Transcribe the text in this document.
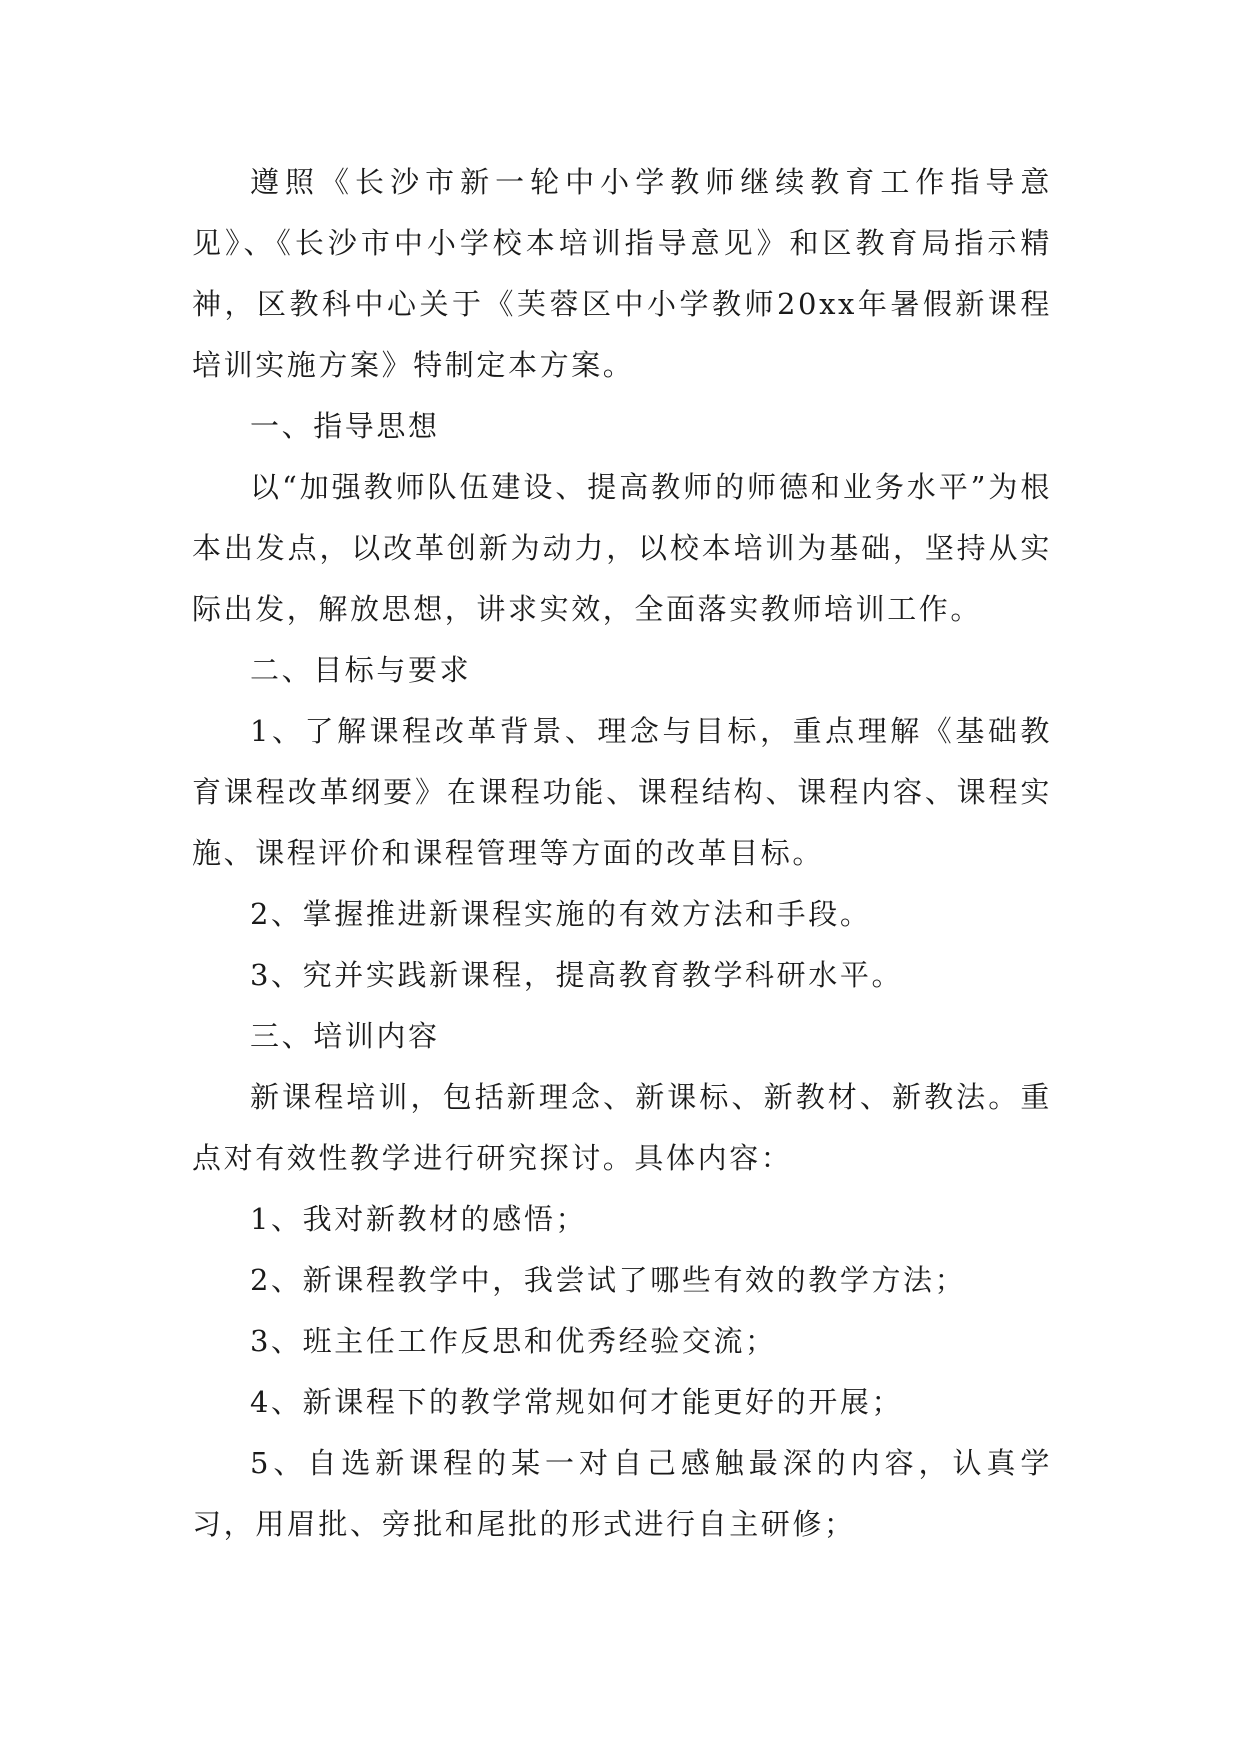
遵照《长沙市新一轮中小学教师继续教育工作指导意见》、《长沙市中小学校本培训指导意见》和区教育局指示精神，区教科中心关于《芙蓉区中小学教师20xx年暑假新课程培训实施方案》特制定本方案。

一、指导思想

以“加强教师队伍建设、提高教师的师德和业务水平”为根本出发点，以改革创新为动力，以校本培训为基础，坚持从实际出发，解放思想，讲求实效，全面落实教师培训工作。

二、目标与要求

1、了解课程改革背景、理念与目标，重点理解《基础教育课程改革纲要》在课程功能、课程结构、课程内容、课程实施、课程评价和课程管理等方面的改革目标。

2、掌握推进新课程实施的有效方法和手段。

3、究并实践新课程，提高教育教学科研水平。

三、培训内容

新课程培训，包括新理念、新课标、新教材、新教法。重点对有效性教学进行研究探讨。具体内容：

1、我对新教材的感悟；

2、新课程教学中，我尝试了哪些有效的教学方法；

3、班主任工作反思和优秀经验交流；

4、新课程下的教学常规如何才能更好的开展；

5、自选新课程的某一对自己感触最深的内容，认真学习，用眉批、旁批和尾批的形式进行自主研修；
